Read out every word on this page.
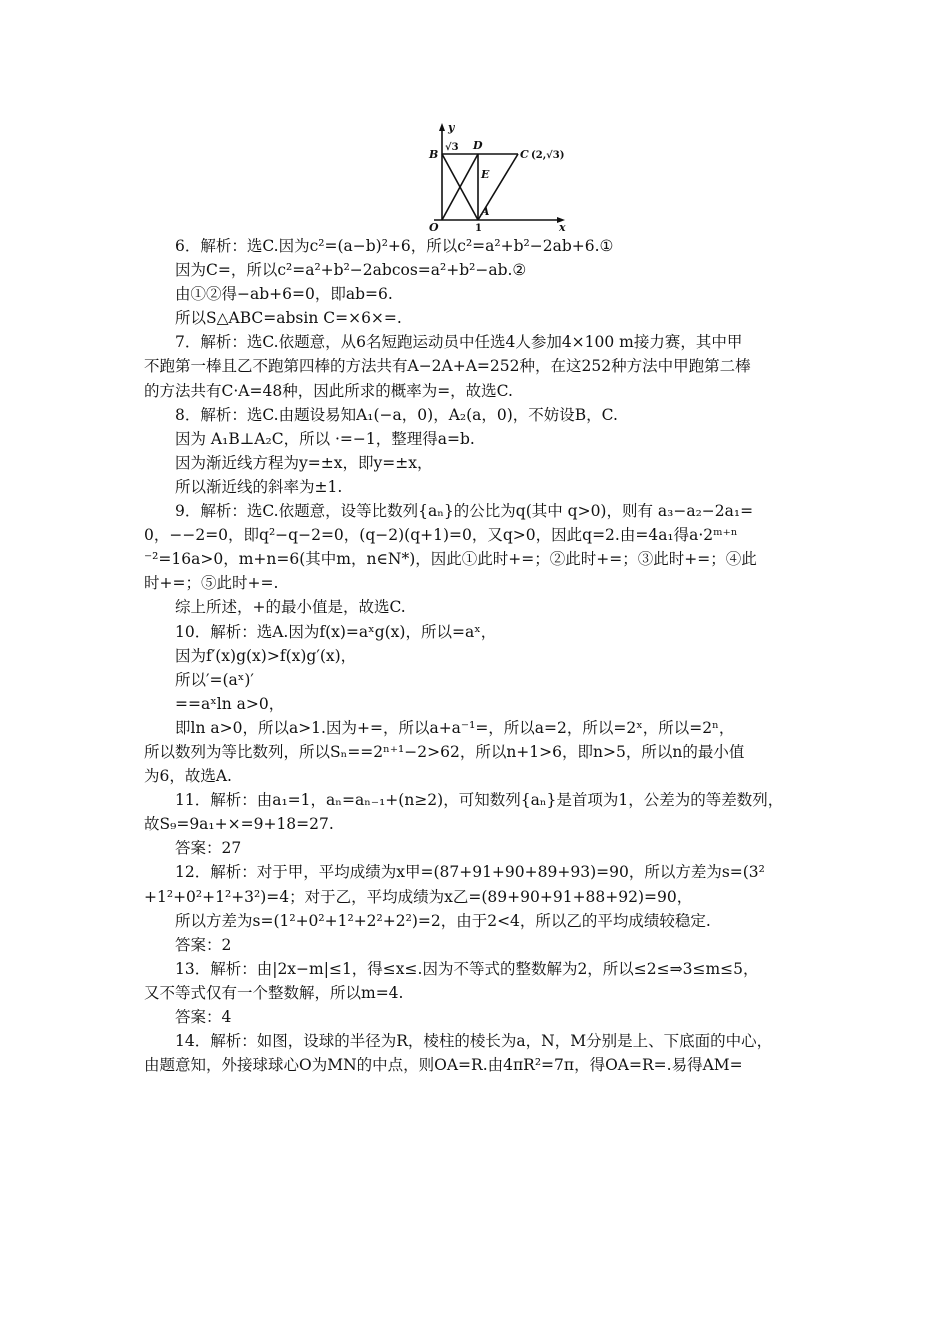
y
x
B
√3 D
C (2,√3)
E
A
O	1
6．解析：选C.因为c²=(a−b)²+6，所以c²=a²+b²−2ab+6.①
因为C=，所以c²=a²+b²−2abcos=a²+b²−ab.②
由①②得−ab+6=0，即ab=6.
所以S△ABC=absin C=×6×=.
7．解析：选C.依题意，从6名短跑运动员中任选4人参加4×100 m接力赛，其中甲
不跑第一棒且乙不跑第四棒的方法共有A−2A+A=252种，在这252种方法中甲跑第二棒
的方法共有C·A=48种，因此所求的概率为=，故选C.
8．解析：选C.由题设易知A₁(−a，0)，A₂(a，0)，不妨设B，C.
因为 A₁B⊥A₂C，所以 ·=−1，整理得a=b.
因为渐近线方程为y=±x，即y=±x，
所以渐近线的斜率为±1.
9．解析：选C.依题意，设等比数列{aₙ}的公比为q(其中 q>0)，则有 a₃−a₂−2a₁=
0，−−2=0，即q²−q−2=0，(q−2)(q+1)=0，又q>0，因此q=2.由=4a₁得a·2ᵐ⁺ⁿ
⁻²=16a>0，m+n=6(其中m，n∈N*)，因此①此时+=；②此时+=；③此时+=；④此
时+=；⑤此时+=.
综上所述，+的最小值是，故选C.
10．解析：选A.因为f(x)=aˣg(x)，所以=aˣ，
因为f′(x)g(x)>f(x)g′(x)，
所以′=(aˣ)′
==aˣln a>0，
即ln a>0，所以a>1.因为+=，所以a+a⁻¹=，所以a=2，所以=2ˣ，所以=2ⁿ，
所以数列为等比数列，所以Sₙ==2ⁿ⁺¹−2>62，所以n+1>6，即n>5，所以n的最小值
为6，故选A.
11．解析：由a₁=1，aₙ=aₙ₋₁+(n≥2)，可知数列{aₙ}是首项为1，公差为的等差数列，
故S₉=9a₁+×=9+18=27.
答案：27
12．解析：对于甲，平均成绩为x甲=(87+91+90+89+93)=90，所以方差为s=(3²
+1²+0²+1²+3²)=4；对于乙，平均成绩为x乙=(89+90+91+88+92)=90，
所以方差为s=(1²+0²+1²+2²+2²)=2，由于2<4，所以乙的平均成绩较稳定.
答案：2
13．解析：由|2x−m|≤1，得≤x≤.因为不等式的整数解为2，所以≤2≤⇒3≤m≤5，
又不等式仅有一个整数解，所以m=4.
答案：4
14．解析：如图，设球的半径为R，棱柱的棱长为a，N，M分别是上、下底面的中心，
由题意知，外接球球心O为MN的中点，则OA=R.由4πR²=7π，得OA=R=.易得AM=
